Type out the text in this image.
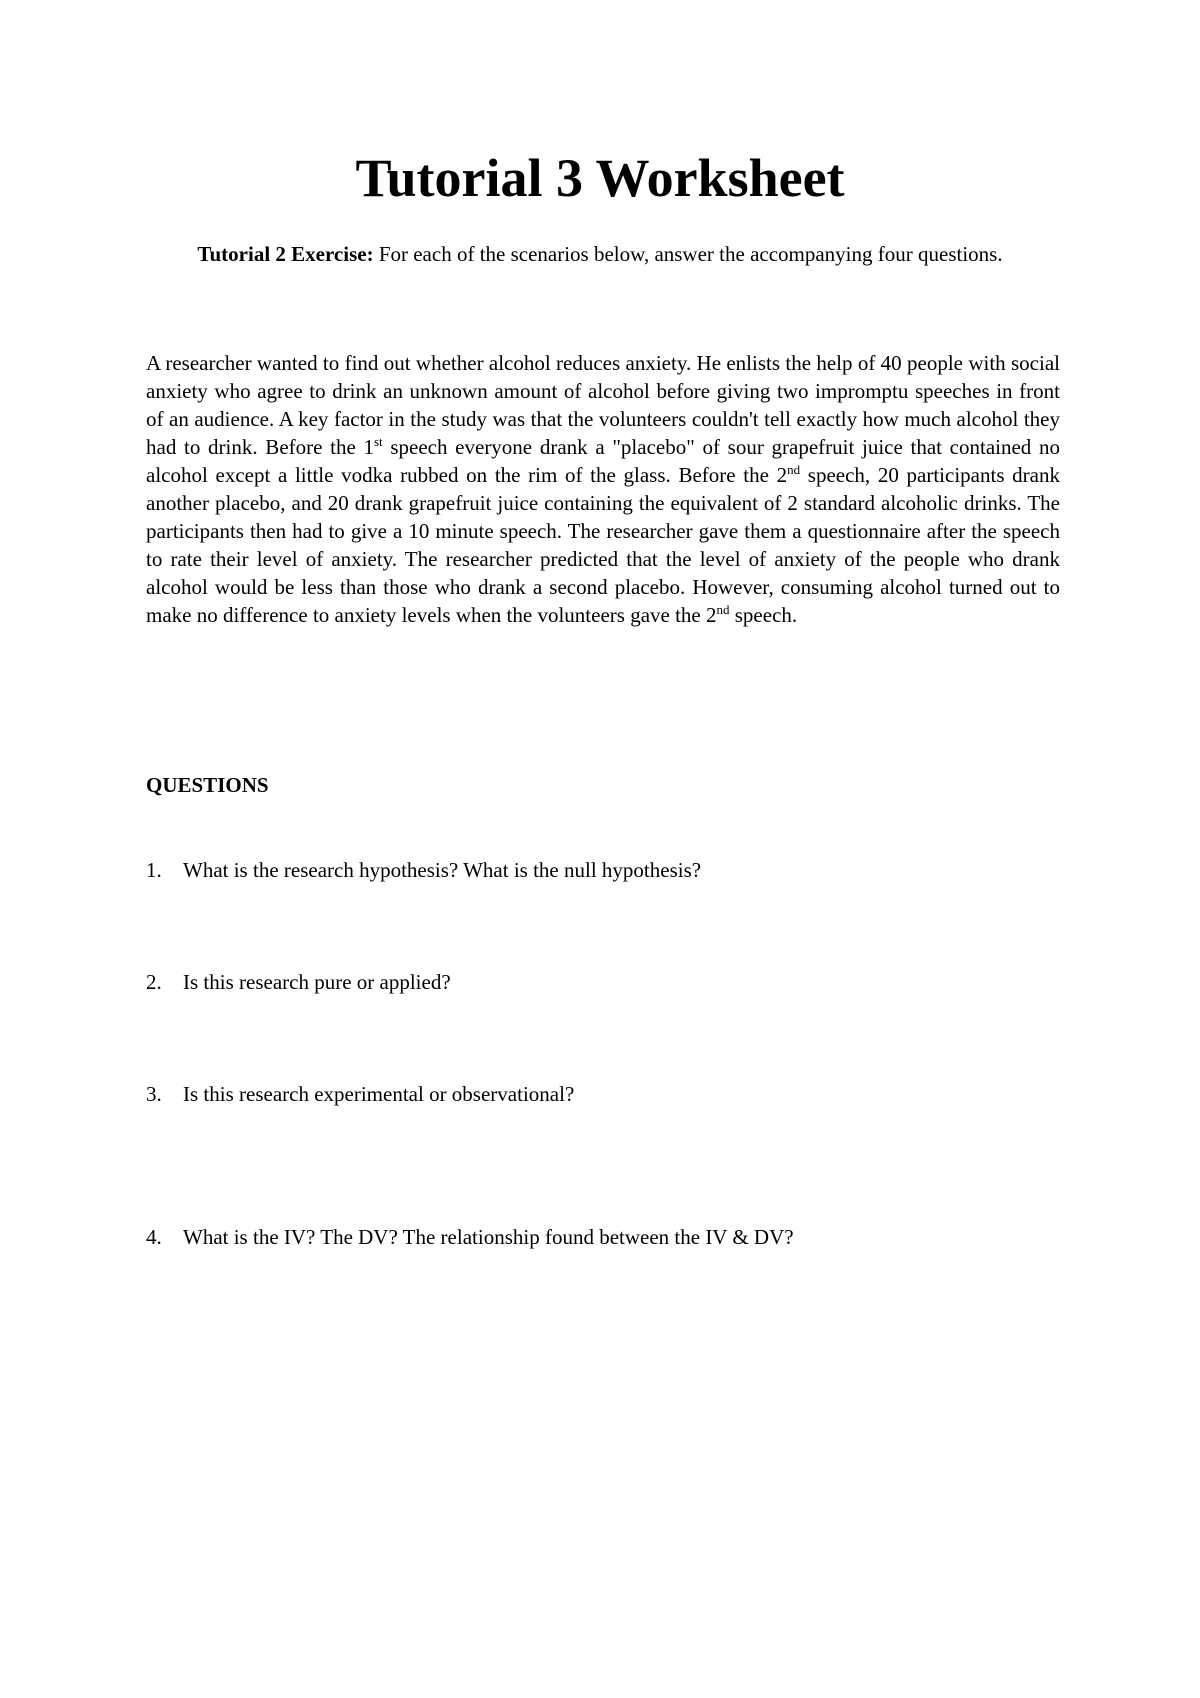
Tutorial 3 Worksheet

Tutorial 2 Exercise: For each of the scenarios below, answer the accompanying four questions.

A researcher wanted to find out whether alcohol reduces anxiety. He enlists the help of 40 people with social anxiety who agree to drink an unknown amount of alcohol before giving two impromptu speeches in front of an audience. A key factor in the study was that the volunteers couldn't tell exactly how much alcohol they had to drink. Before the 1st speech everyone drank a "placebo" of sour grapefruit juice that contained no alcohol except a little vodka rubbed on the rim of the glass. Before the 2nd speech, 20 participants drank another placebo, and 20 drank grapefruit juice containing the equivalent of 2 standard alcoholic drinks. The participants then had to give a 10 minute speech. The researcher gave them a questionnaire after the speech to rate their level of anxiety. The researcher predicted that the level of anxiety of the people who drank alcohol would be less than those who drank a second placebo. However, consuming alcohol turned out to make no difference to anxiety levels when the volunteers gave the 2nd speech.

QUESTIONS

1. What is the research hypothesis? What is the null hypothesis?

2. Is this research pure or applied?

3. Is this research experimental or observational?

4. What is the IV? The DV? The relationship found between the IV & DV?
